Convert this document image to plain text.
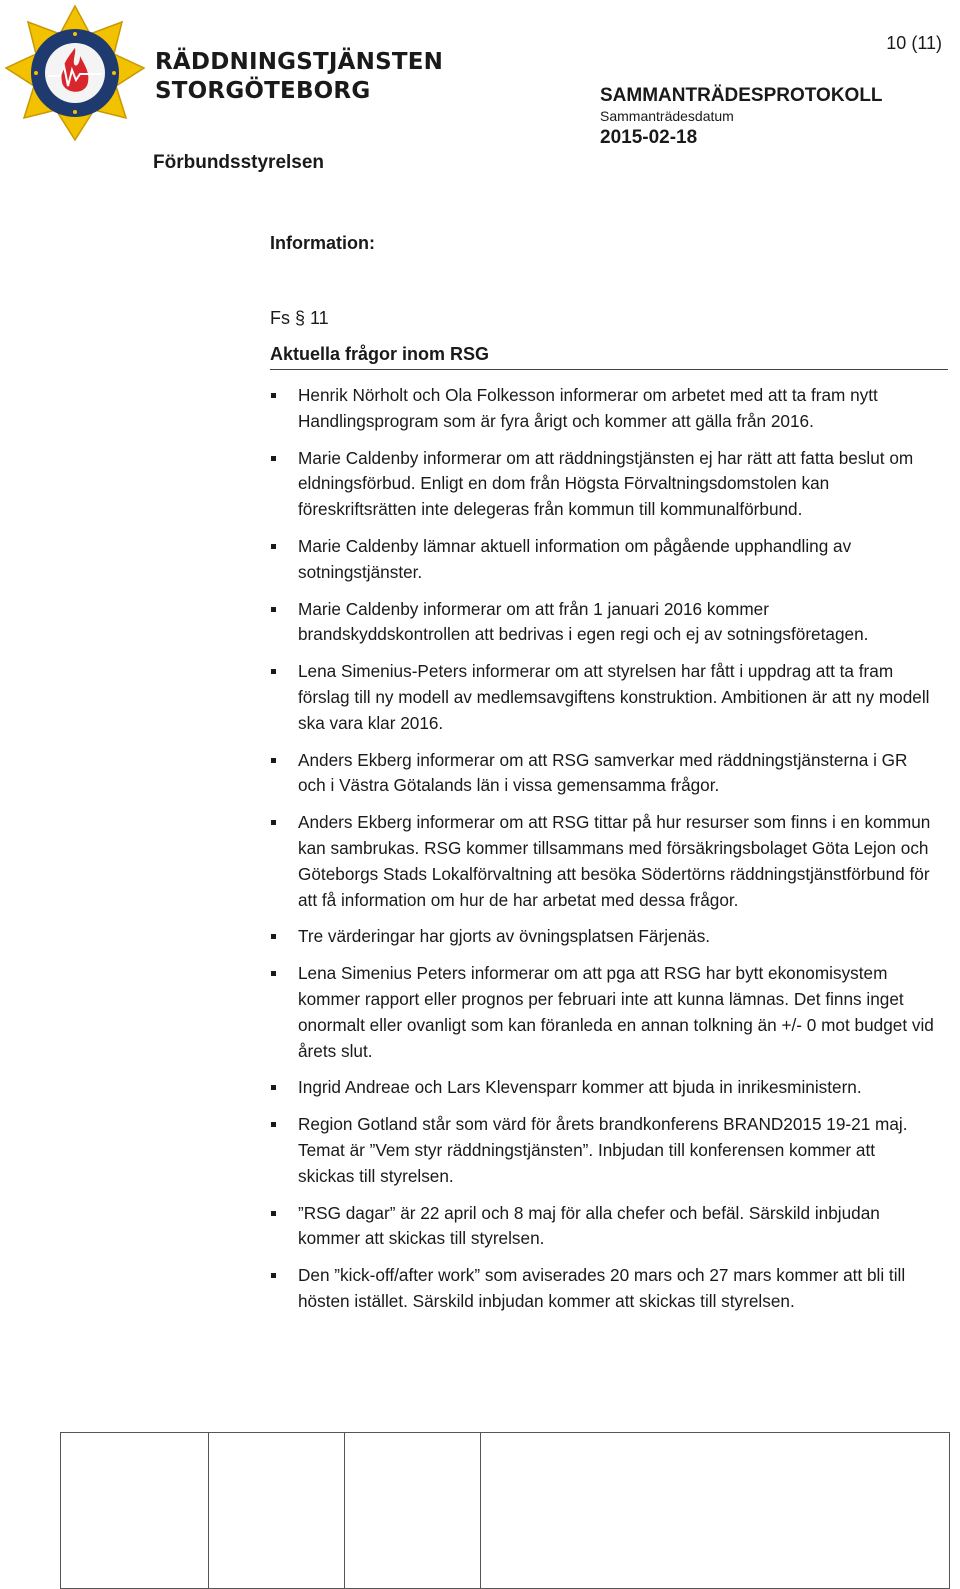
RÄDDNINGSTJÄNSTEN
STORGÖTEBORG
10 (11)
SAMMANTRÄDESPROTOKOLL
Sammanträdesdatum
2015-02-18
Förbundsstyrelsen
Information:
Fs § 11
Aktuella frågor inom RSG
Henrik Nörholt och Ola Folkesson informerar om arbetet med att ta fram nytt Handlingsprogram som är fyra årigt och kommer att gälla från 2016.
Marie Caldenby informerar om att räddningstjänsten ej har rätt att fatta beslut om eldningsförbud. Enligt en dom från Högsta Förvaltningsdomstolen kan föreskriftsrätten inte delegeras från kommun till kommunalförbund.
Marie Caldenby lämnar aktuell information om pågående upphandling av sotningstjänster.
Marie Caldenby informerar om att från 1 januari 2016 kommer brandskyddskontrollen att bedrivas i egen regi och ej av sotningsföretagen.
Lena Simenius-Peters informerar om att styrelsen har fått i uppdrag att ta fram förslag till ny modell av medlemsavgiftens konstruktion. Ambitionen är att ny modell ska vara klar 2016.
Anders Ekberg informerar om att RSG samverkar med räddningstjänsterna i GR och i Västra Götalands län i vissa gemensamma frågor.
Anders Ekberg informerar om att RSG tittar på hur resurser som finns i en kommun kan sambrukas. RSG kommer tillsammans med försäkringsbolaget Göta Lejon och Göteborgs Stads Lokalförvaltning att besöka Södertörns räddningstjänstförbund för att få information om hur de har arbetat med dessa frågor.
Tre värderingar har gjorts av övningsplatsen Färjenäs.
Lena Simenius Peters informerar om att pga att RSG har bytt ekonomisystem kommer rapport eller prognos per februari inte att kunna lämnas. Det finns inget onormalt eller ovanligt som kan föranleda en annan tolkning än +/- 0 mot budget vid årets slut.
Ingrid Andreae och Lars Klevensparr kommer att bjuda in inrikesministern.
Region Gotland står som värd för årets brandkonferens BRAND2015 19-21 maj. Temat är ”Vem styr räddningstjänsten”. Inbjudan till konferensen kommer att skickas till styrelsen.
”RSG dagar” är 22 april och 8 maj för alla chefer och befäl. Särskild inbjudan kommer att skickas till styrelsen.
Den ”kick-off/after work” som aviserades 20 mars och 27 mars kommer att bli till hösten istället. Särskild inbjudan kommer att skickas till styrelsen.
